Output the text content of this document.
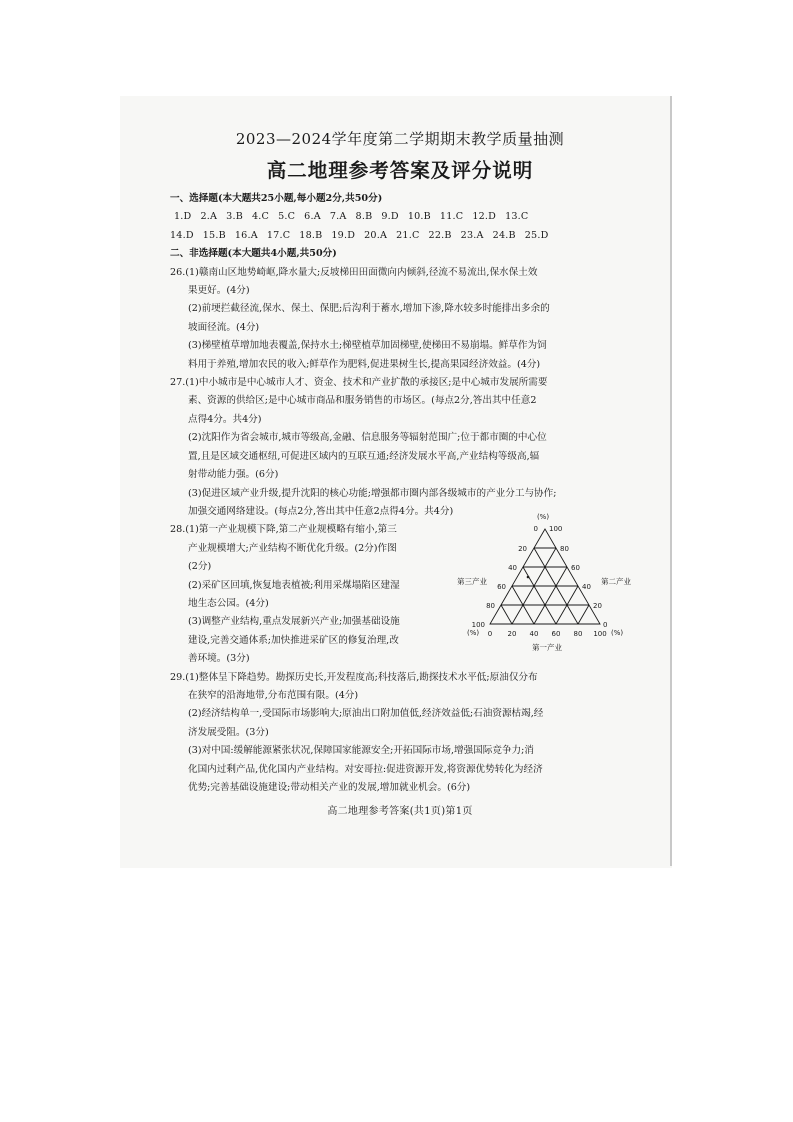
2023—2024学年度第二学期期末教学质量抽测

高二地理参考答案及评分说明

一、选择题(本大题共25小题,每小题2分,共50分)

1.D 2.A 3.B 4.C 5.C 6.A 7.A 8.B 9.D 10.B 11.C 12.D 13.C

14.D 15.B 16.A 17.C 18.B 19.D 20.A 21.C 22.B 23.A 24.B 25.D

二、非选择题(本大题共4小题,共50分)

26.(1)赣南山区地势崎岖,降水量大;反坡梯田田面微向内倾斜,径流不易流出,保水保土效

果更好。(4分)

(2)前埂拦截径流,保水、保土、保肥;后沟利于蓄水,增加下渗,降水较多时能排出多余的

坡面径流。(4分)

(3)梯壁植草增加地表覆盖,保持水土;梯壁植草加固梯壁,使梯田不易崩塌。鲜草作为饲

料用于养殖,增加农民的收入;鲜草作为肥料,促进果树生长,提高果园经济效益。(4分)

27.(1)中小城市是中心城市人才、资金、技术和产业扩散的承接区;是中心城市发展所需要

素、资源的供给区;是中心城市商品和服务销售的市场区。(每点2分,答出其中任意2

点得4分。共4分)

(2)沈阳作为省会城市,城市等级高,金融、信息服务等辐射范围广;位于都市圈的中心位

置,且是区域交通枢纽,可促进区域内的互联互通;经济发展水平高,产业结构等级高,辐

射带动能力强。(6分)

(3)促进区域产业升级,提升沈阳的核心功能;增强都市圈内部各级城市的产业分工与协作;

加强交通网络建设。(每点2分,答出其中任意2点得4分。共4分)

28.(1)第一产业规模下降,第二产业规模略有缩小,第三

产业规模增大;产业结构不断优化升级。(2分)作图

(2分)

(2)采矿区回填,恢复地表植被;利用采煤塌陷区建湿

地生态公园。(4分)

(3)调整产业结构,重点发展新兴产业;加强基础设施

建设,完善交通体系;加快推进采矿区的修复治理,改

善环境。(3分)

(%)
0
20
40
60
80
100
100
80
60
40
20
0
0 20 40 60 80 100
(%)	(%)
第三产业	第二产业
第一产业

29.(1)整体呈下降趋势。勘探历史长,开发程度高;科技落后,勘探技术水平低;原油仅分布

在狭窄的沿海地带,分布范围有限。(4分)

(2)经济结构单一,受国际市场影响大;原油出口附加值低,经济效益低;石油资源枯竭,经

济发展受阻。(3分)

(3)对中国:缓解能源紧张状况,保障国家能源安全;开拓国际市场,增强国际竞争力;消

化国内过剩产品,优化国内产业结构。对安哥拉:促进资源开发,将资源优势转化为经济

优势;完善基础设施建设;带动相关产业的发展,增加就业机会。(6分)

高二地理参考答案(共1页)第1页
